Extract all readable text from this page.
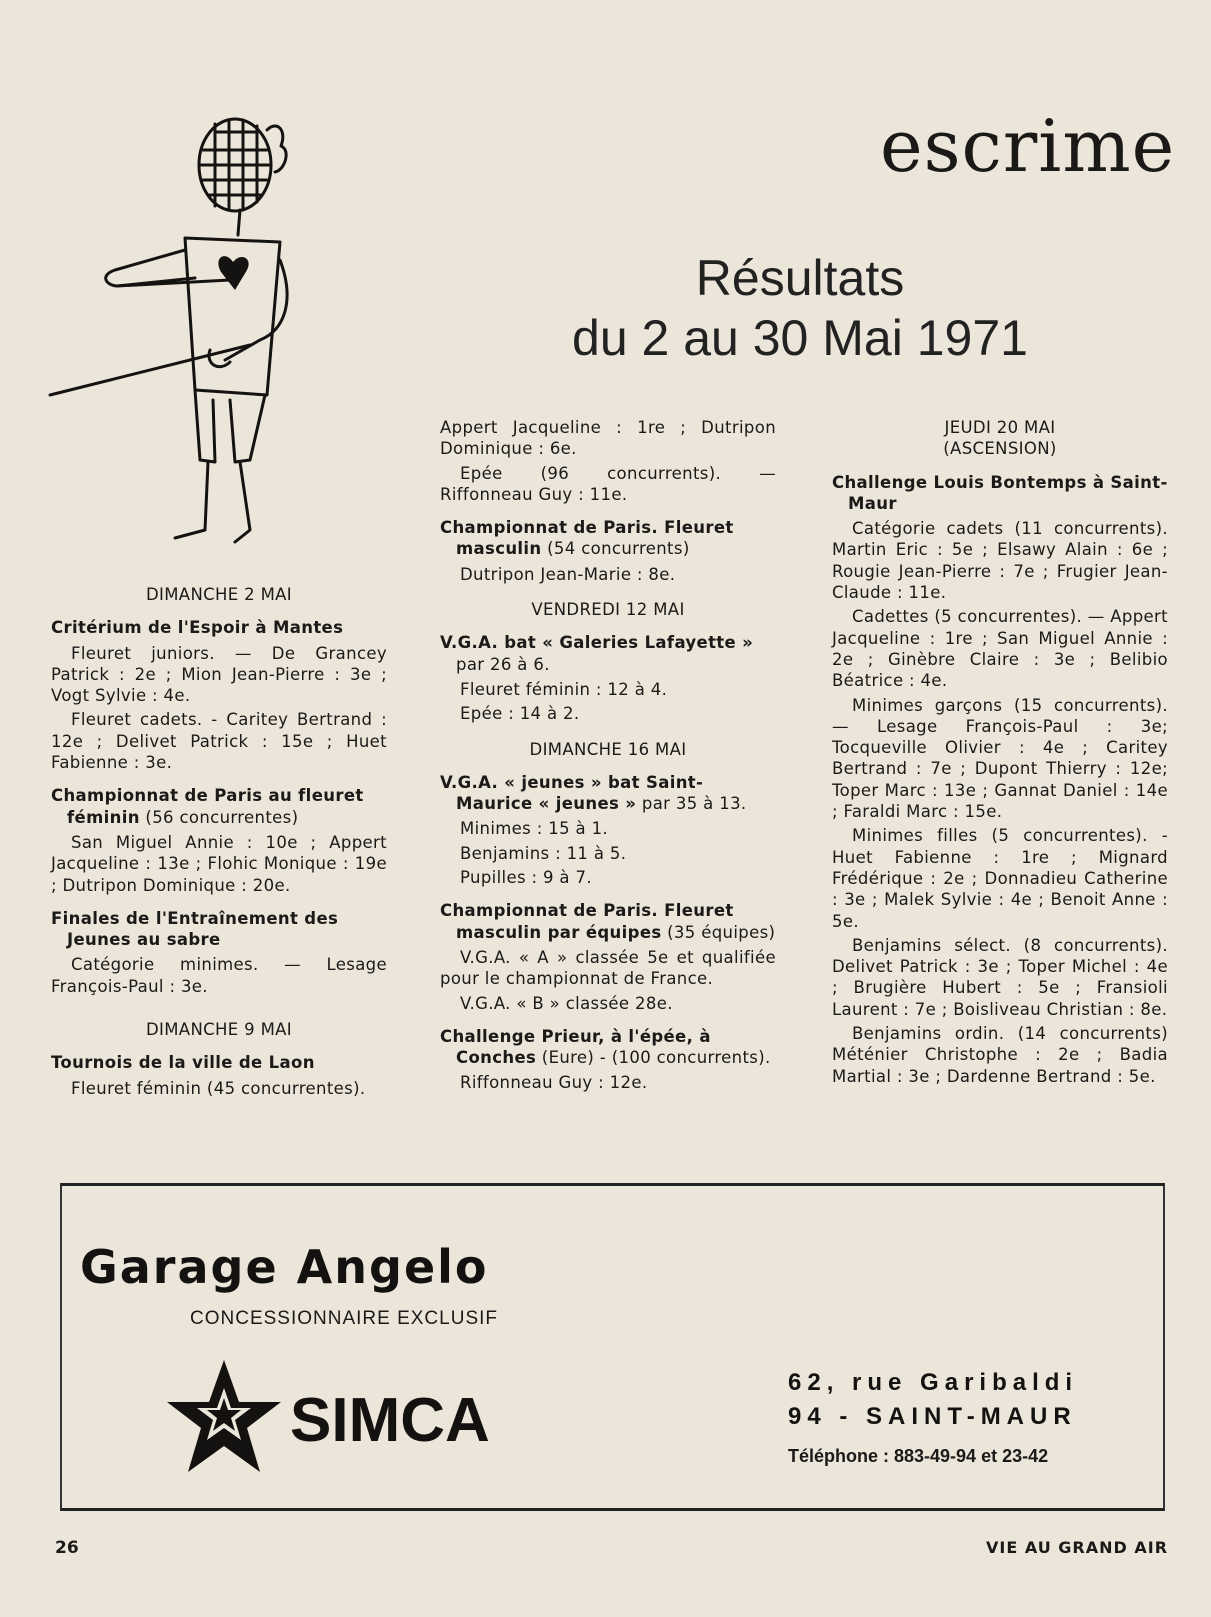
escrime
Résultats
du 2 au 30 Mai 1971
DIMANCHE 2 MAI
Critérium de l'Espoir à Mantes
Fleuret juniors. — De Grancey Patrick : 2e ; Mion Jean-Pierre : 3e ; Vogt Sylvie : 4e.
Fleuret cadets. - Caritey Bertrand : 12e ; Delivet Patrick : 15e ; Huet Fabienne : 3e.
Championnat de Paris au fleuret féminin (56 concurrentes)
San Miguel Annie : 10e ; Appert Jacqueline : 13e ; Flohic Monique : 19e ; Dutripon Dominique : 20e.
Finales de l'Entraînement des Jeunes au sabre
Catégorie minimes. — Lesage François-Paul : 3e.
DIMANCHE 9 MAI
Tournois de la ville de Laon
Fleuret féminin (45 concurrentes).
Appert Jacqueline : 1re ; Dutripon Dominique : 6e.
Epée (96 concurrents). — Riffonneau Guy : 11e.
Championnat de Paris. Fleuret masculin (54 concurrents)
Dutripon Jean-Marie : 8e.
VENDREDI 12 MAI
V.G.A. bat « Galeries Lafayette » par 26 à 6.
Fleuret féminin : 12 à 4.
Epée : 14 à 2.
DIMANCHE 16 MAI
V.G.A. « jeunes » bat Saint-Maurice « jeunes » par 35 à 13.
Minimes : 15 à 1.
Benjamins : 11 à 5.
Pupilles : 9 à 7.
Championnat de Paris. Fleuret masculin par équipes (35 équipes)
V.G.A. « A » classée 5e et qualifiée pour le championnat de France.
V.G.A. « B » classée 28e.
Challenge Prieur, à l'épée, à Conches (Eure) - (100 concurrents).
Riffonneau Guy : 12e.
JEUDI 20 MAI
(ASCENSION)
Challenge Louis Bontemps à Saint-Maur
Catégorie cadets (11 concurrents). Martin Eric : 5e ; Elsawy Alain : 6e ; Rougie Jean-Pierre : 7e ; Frugier Jean-Claude : 11e.
Cadettes (5 concurrentes). — Appert Jacqueline : 1re ; San Miguel Annie : 2e ; Ginèbre Claire : 3e ; Belibio Béatrice : 4e.
Minimes garçons (15 concurrents). — Lesage François-Paul : 3e; Tocqueville Olivier : 4e ; Caritey Bertrand : 7e ; Dupont Thierry : 12e; Toper Marc : 13e ; Gannat Daniel : 14e ; Faraldi Marc : 15e.
Minimes filles (5 concurrentes). - Huet Fabienne : 1re ; Mignard Frédérique : 2e ; Donnadieu Catherine : 3e ; Malek Sylvie : 4e ; Benoit Anne : 5e.
Benjamins sélect. (8 concurrents). Delivet Patrick : 3e ; Toper Michel : 4e ; Brugière Hubert : 5e ; Fransioli Laurent : 7e ; Boisliveau Christian : 8e.
Benjamins ordin. (14 concurrents) Méténier Christophe : 2e ; Badia Martial : 3e ; Dardenne Bertrand : 5e.
Garage Angelo
CONCESSIONNAIRE EXCLUSIF
SIMCA
62, rue Garibaldi
94 - SAINT-MAUR
Téléphone : 883-49-94 et 23-42
26	VIE AU GRAND AIR
